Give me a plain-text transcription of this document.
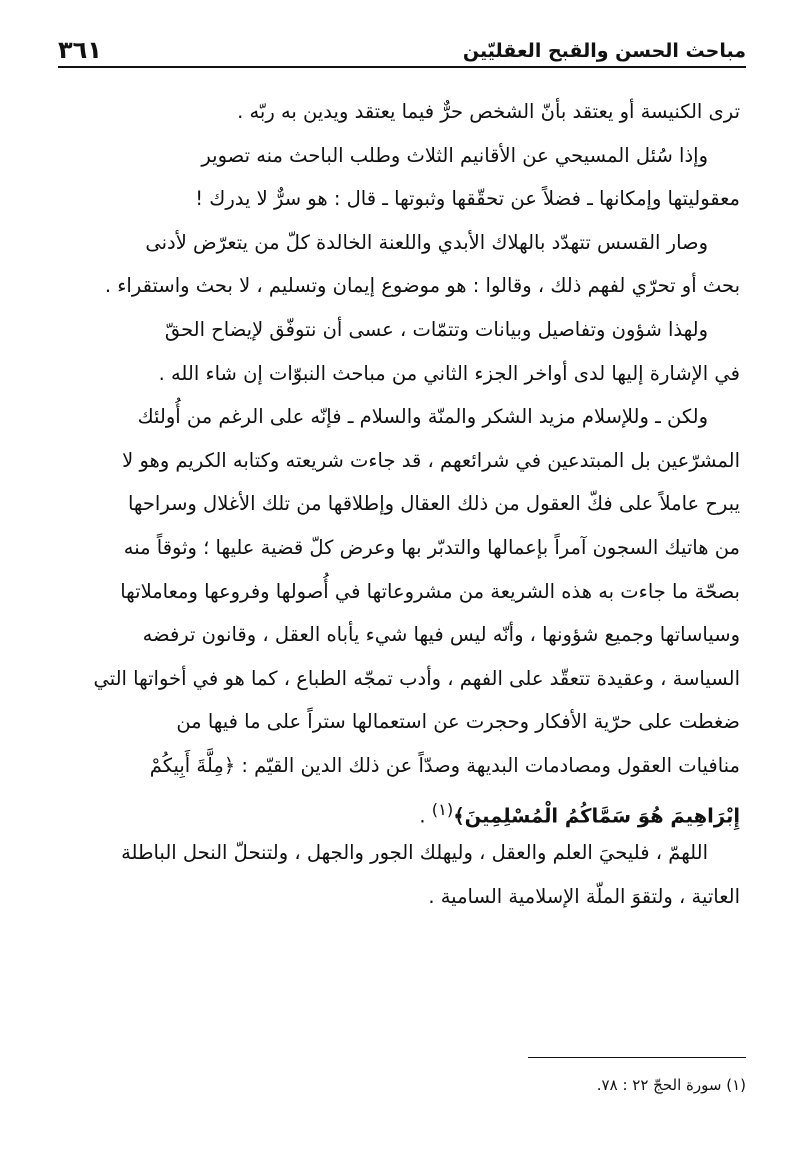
مباحث الحسن والقبح العقليّين
٣٦١
ترى الكنيسة أو يعتقد بأنّ الشخص حرٌّ فيما يعتقد ويدين به ربّه .
وإذا سُئل المسيحي عن الأقانيم الثلاث وطلب الباحث منه تصوير
معقوليتها وإمكانها ـ فضلاً عن تحقّقها وثبوتها ـ قال : هو سرٌّ لا يدرك !
وصار القسس تتهدّد بالهلاك الأبدي واللعنة الخالدة كلّ من يتعرّض لأدنى
بحث أو تحرّي لفهم ذلك ، وقالوا : هو موضوع إيمان وتسليم ، لا بحث واستقراء .
ولهذا شؤون وتفاصيل وبيانات وتتمّات ، عسى أن نتوفّق لإيضاح الحقّ
في الإشارة إليها لدى أواخر الجزء الثاني من مباحث النبوّات إن شاء الله .
ولكن ـ وللإسلام مزيد الشكر والمنّة والسلام ـ فإنّه على الرغم من أُولئك
المشرّعين بل المبتدعين في شرائعهم ، قد جاءت شريعته وكتابه الكريم وهو لا
يبرح عاملاً على فكّ العقول من ذلك العقال وإطلاقها من تلك الأغلال وسراحها
من هاتيك السجون آمراً بإعمالها والتدبّر بها وعرض كلّ قضية عليها ؛ وثوقاً منه
بصحّة ما جاءت به هذه الشريعة من مشروعاتها في أُصولها وفروعها ومعاملاتها
وسياساتها وجميع شؤونها ، وأنّه ليس فيها شيء يأباه العقل ، وقانون ترفضه
السياسة ، وعقيدة تتعقّد على الفهم ، وأدب تمجّه الطباع ، كما هو في أخواتها التي
ضغطت على حرّية الأفكار وحجرت عن استعمالها ستراً على ما فيها من
منافيات العقول ومصادمات البديهة وصدّاً عن ذلك الدين القيّم : ﴿مِلَّةَ أَبِيكُمْ
إِبْرَاهِيمَ هُوَ سَمَّاكُمُ الْمُسْلِمِينَ﴾$^{(١)}$ .
اللهمّ ، فليحيَ العلم والعقل ، وليهلك الجور والجهل ، ولتنحلّ النحل الباطلة
العاتية ، ولتقوَ الملّة الإسلامية السامية .
(١) سورة الحجّ ٢٢ : ٧٨.
